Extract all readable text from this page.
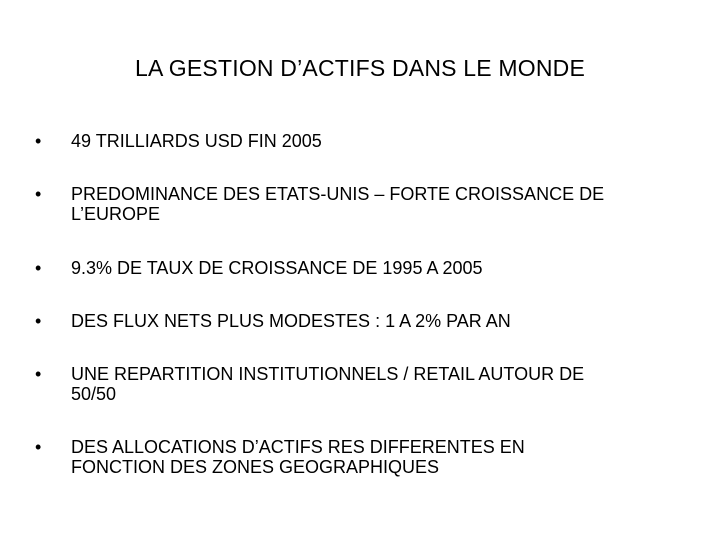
LA GESTION D’ACTIFS DANS LE MONDE
• 49 TRILLIARDS USD FIN 2005
• PREDOMINANCE DES ETATS-UNIS – FORTE CROISSANCE DE
L’EUROPE
• 9.3% DE TAUX DE CROISSANCE DE 1995 A 2005
• DES FLUX NETS PLUS MODESTES : 1 A 2% PAR AN
• UNE REPARTITION INSTITUTIONNELS / RETAIL AUTOUR DE
50/50
• DES ALLOCATIONS D’ACTIFS RES DIFFERENTES EN
FONCTION DES ZONES GEOGRAPHIQUES
